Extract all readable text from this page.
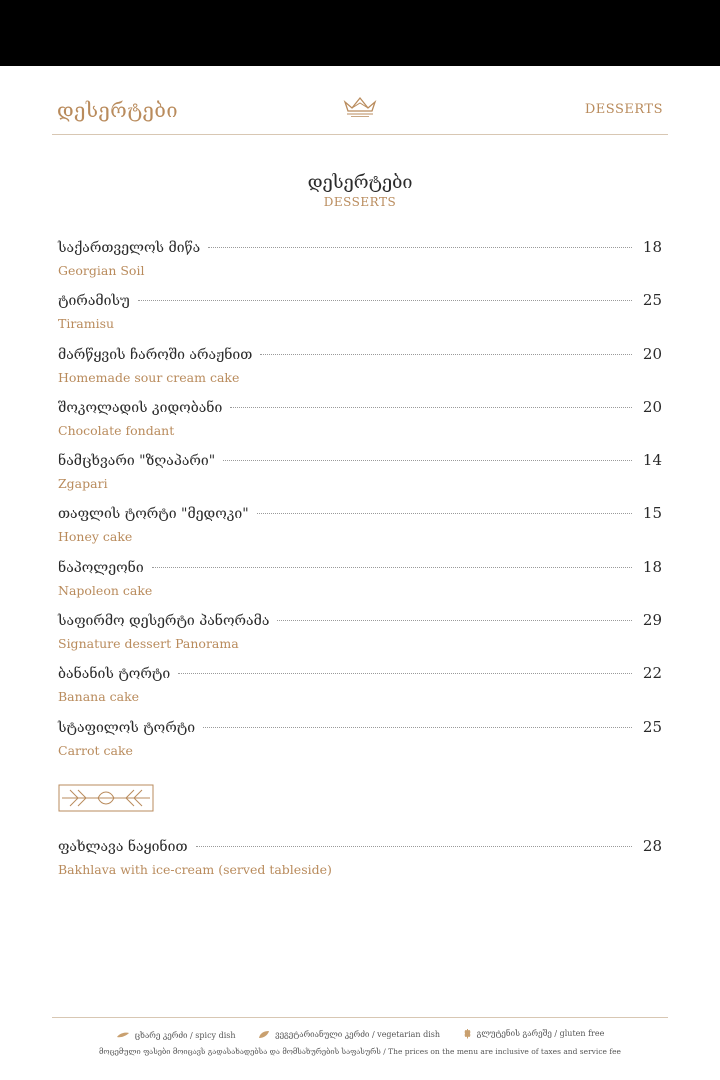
დესერტები	DESSERTS
დესერტები
DESSERTS
საქართველოს მიწა	18
Georgian Soil
ტირამისუ	25
Tiramisu
მარწყვის ჩაროში არაჟნით	20
Homemade sour cream cake
შოკოლადის კიდობანი	20
Chocolate fondant
ნამცხვარი "ზღაპარი"	14
Zgapari
თაფლის ტორტი "მედოკი"	15
Honey cake
ნაპოლეონი	18
Napoleon cake
საფირმო დესერტი პანორამა	29
Signature dessert Panorama
ბანანის ტორტი	22
Banana cake
სტაფილოს ტორტი	25
Carrot cake
ფახლავა ნაყინით	28
Bakhlava with ice-cream (served tableside)
ცხარე კერძი / spicy dish
	ვეგეტარიანული კერძი / vegetarian dish
	გლუტენის გარეშე / gluten free
მოცემული ფასები მოიცავს გადასახადებსა და მომსახურების საფასურს / The prices on the menu are inclusive of taxes and service fee
